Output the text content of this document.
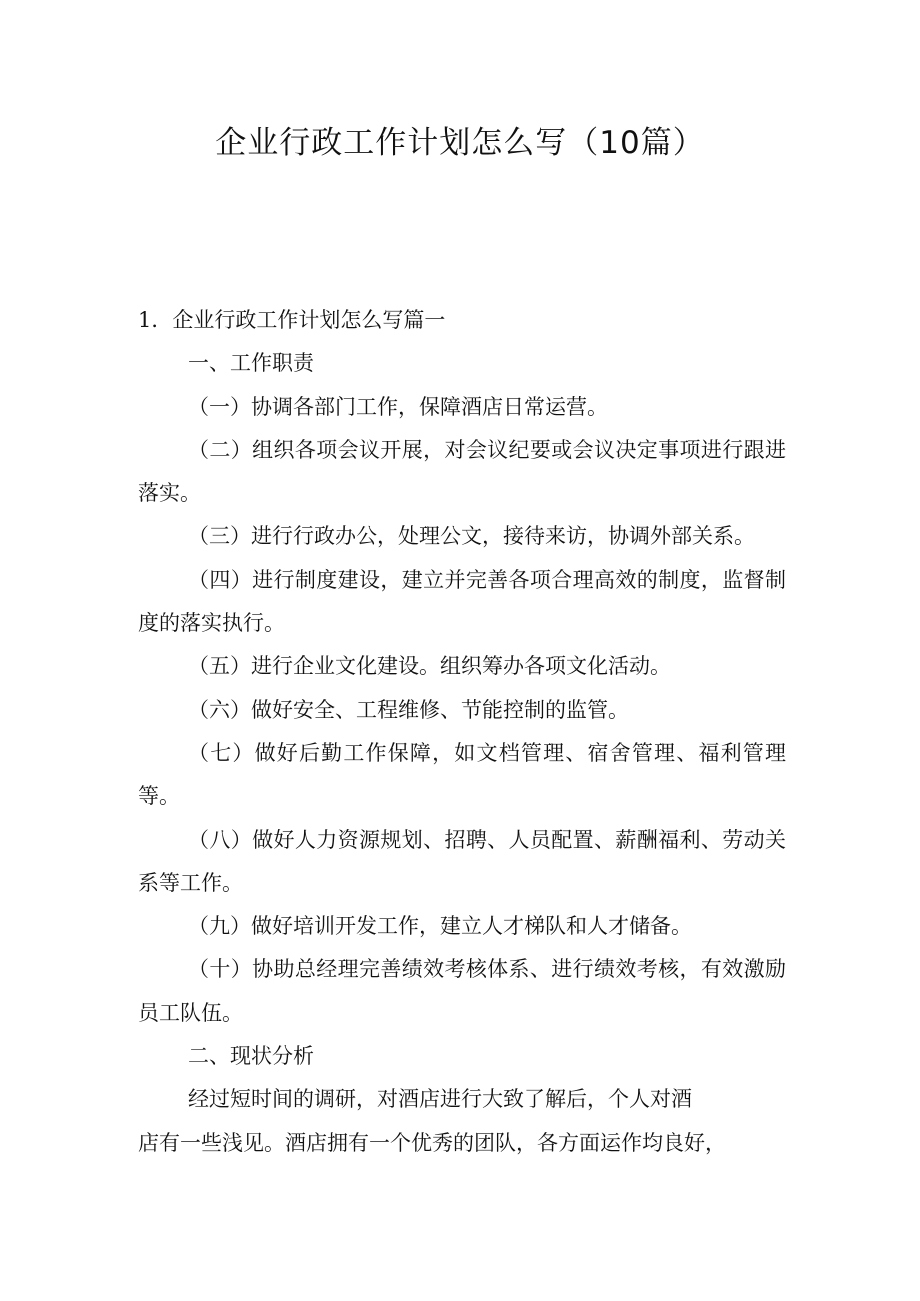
企业行政工作计划怎么写（10篇）

1．企业行政工作计划怎么写篇一

一、工作职责

（一）协调各部门工作，保障酒店日常运营。

（二）组织各项会议开展，对会议纪要或会议决定事项进行跟进落实。

（三）进行行政办公，处理公文，接待来访，协调外部关系。

（四）进行制度建设，建立并完善各项合理高效的制度，监督制度的落实执行。

（五）进行企业文化建设。组织筹办各项文化活动。

（六）做好安全、工程维修、节能控制的监管。

（七）做好后勤工作保障，如文档管理、宿舍管理、福利管理等。

（八）做好人力资源规划、招聘、人员配置、薪酬福利、劳动关系等工作。

（九）做好培训开发工作，建立人才梯队和人才储备。

（十）协助总经理完善绩效考核体系、进行绩效考核，有效激励员工队伍。

二、现状分析

经过短时间的调研，对酒店进行大致了解后，个人对酒
店有一些浅见。酒店拥有一个优秀的团队，各方面运作均良好，
